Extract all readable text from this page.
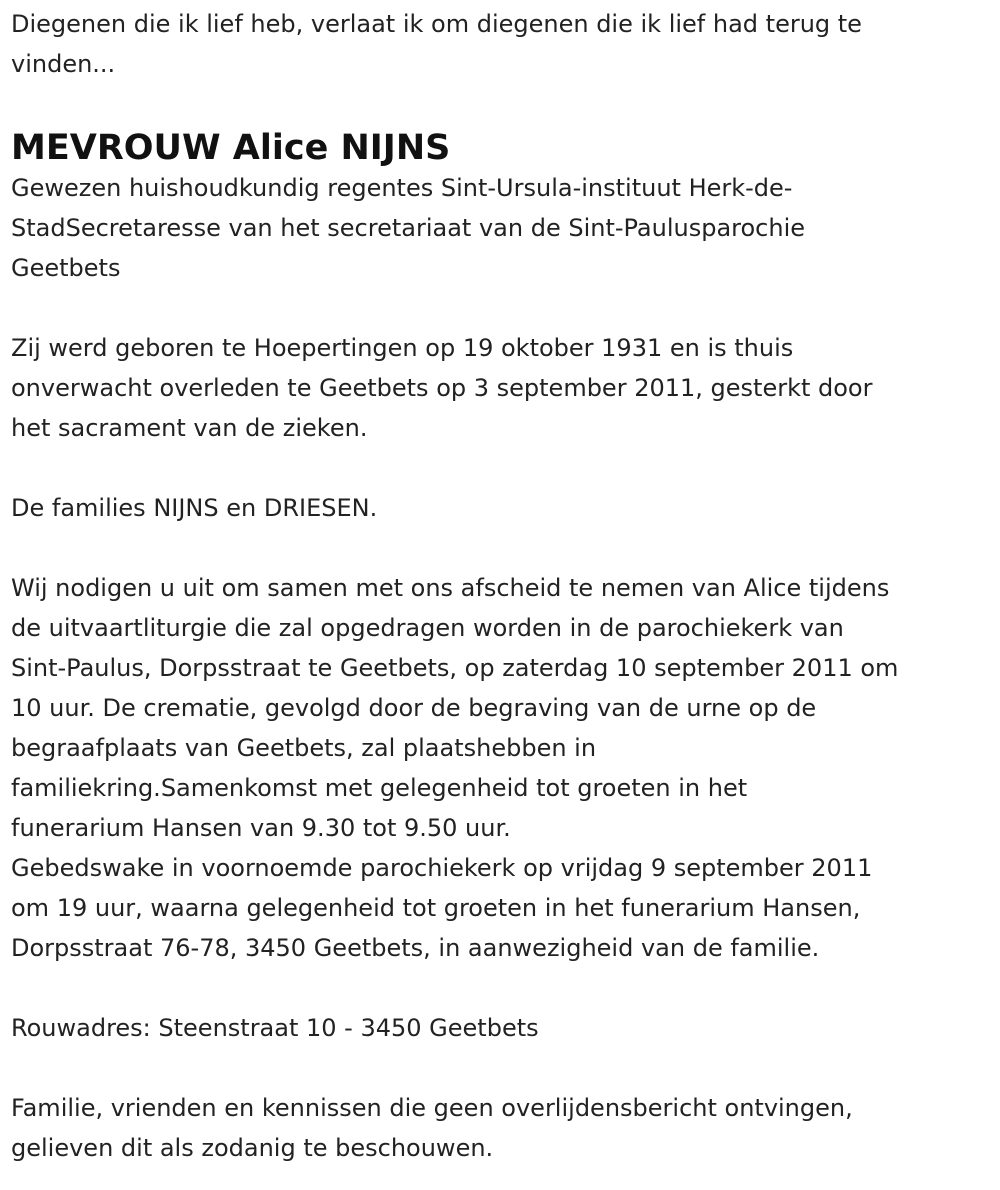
Diegenen die ik lief heb, verlaat ik om diegenen die ik lief had terug te

vinden...

MEVROUW Alice NIJNS

Gewezen huishoudkundig regentes Sint-Ursula-instituut Herk-de-

StadSecretaresse van het secretariaat van de Sint-Paulusparochie

Geetbets

Zij werd geboren te Hoepertingen op 19 oktober 1931 en is thuis

onverwacht overleden te Geetbets op 3 september 2011, gesterkt door

het sacrament van de zieken.

De families NIJNS en DRIESEN.

Wij nodigen u uit om samen met ons afscheid te nemen van Alice tijdens

de uitvaartliturgie die zal opgedragen worden in de parochiekerk van

Sint-Paulus, Dorpsstraat te Geetbets, op zaterdag 10 september 2011 om

10 uur. De crematie, gevolgd door de begraving van de urne op de

begraafplaats van Geetbets, zal plaatshebben in

familiekring.Samenkomst met gelegenheid tot groeten in het

funerarium Hansen van 9.30 tot 9.50 uur.

Gebedswake in voornoemde parochiekerk op vrijdag 9 september 2011

om 19 uur, waarna gelegenheid tot groeten in het funerarium Hansen,

Dorpsstraat 76-78, 3450 Geetbets, in aanwezigheid van de familie.

Rouwadres: Steenstraat 10 - 3450 Geetbets

Familie, vrienden en kennissen die geen overlijdensbericht ontvingen,

gelieven dit als zodanig te beschouwen.
